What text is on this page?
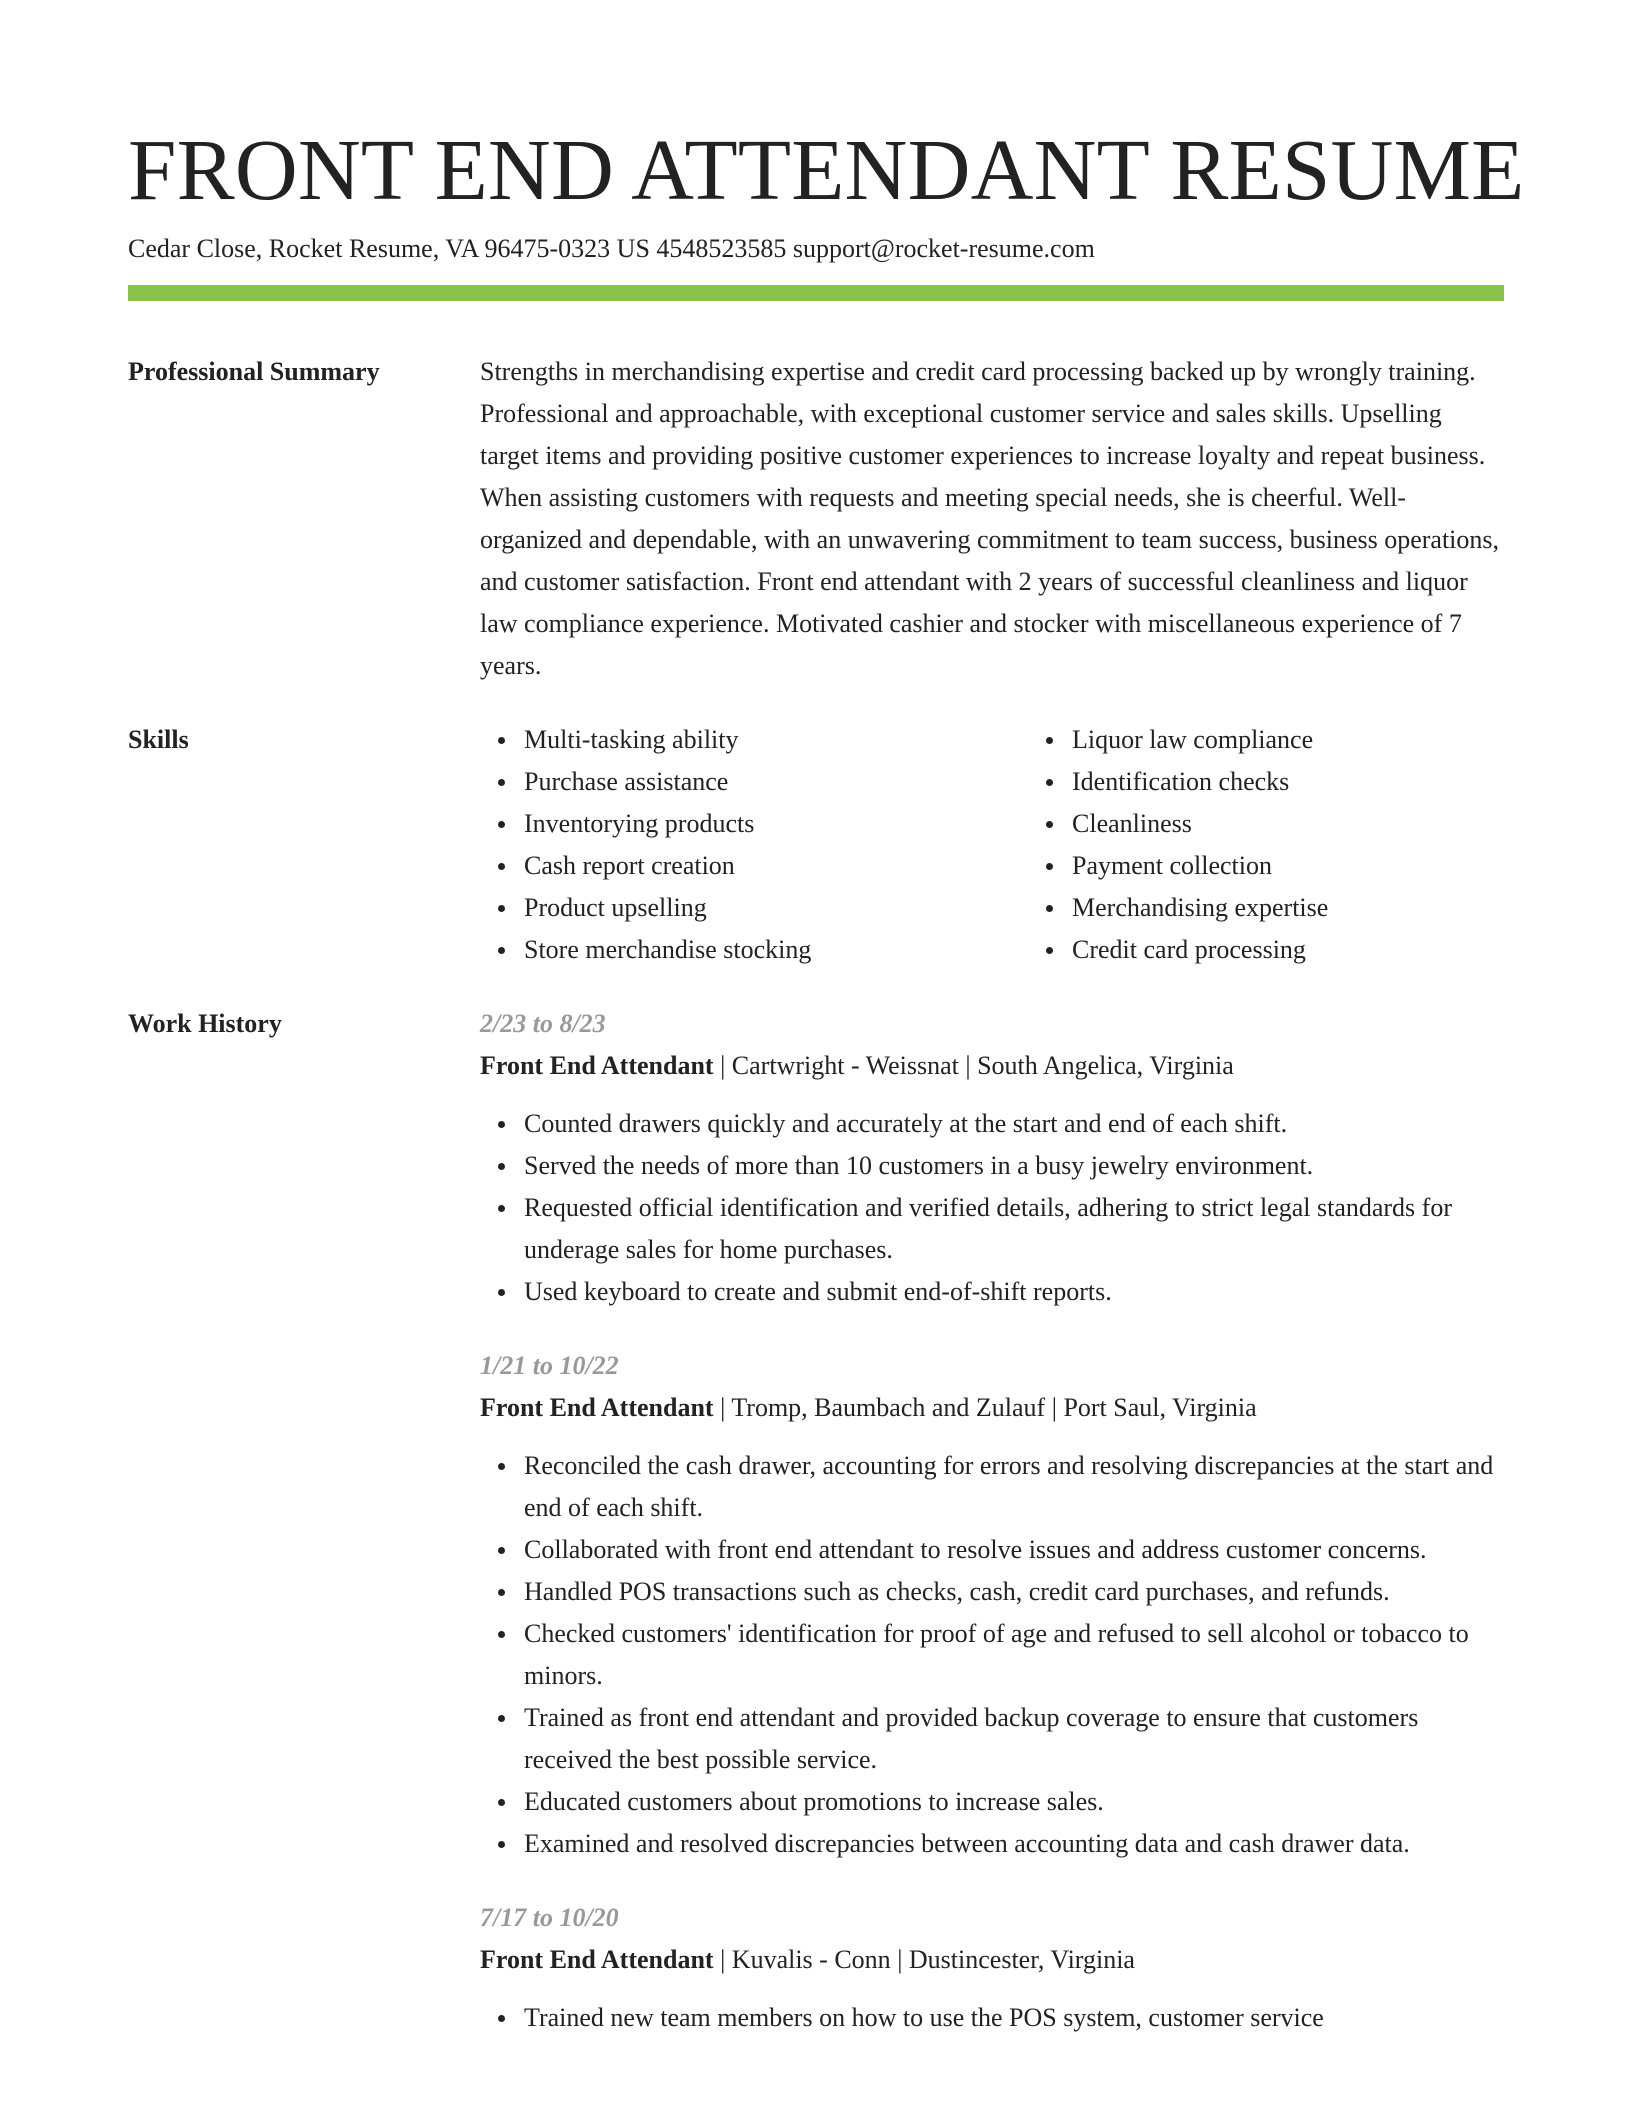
FRONT END ATTENDANT RESUME
Cedar Close, Rocket Resume, VA 96475-0323 US 4548523585 support@rocket-resume.com
Professional Summary	Strengths in merchandising expertise and credit card processing backed up by wrongly training. Professional and approachable, with exceptional customer service and sales skills. Upselling target items and providing positive customer experiences to increase loyalty and repeat business. When assisting customers with requests and meeting special needs, she is cheerful. Well-organized and dependable, with an unwavering commitment to team success, business operations, and customer satisfaction. Front end attendant with 2 years of successful cleanliness and liquor law compliance experience. Motivated cashier and stocker with miscellaneous experience of 7 years.

Skills	Multi-tasking ability
Purchase assistance
Inventorying products
Cash report creation
Product upselling
Store merchandise stocking
Liquor law compliance
Identification checks
Cleanliness
Payment collection
Merchandising expertise
Credit card processing
Work History	2/23 to 8/23
Front End Attendant | Cartwright - Weissnat | South Angelica, Virginia
Counted drawers quickly and accurately at the start and end of each shift.
Served the needs of more than 10 customers in a busy jewelry environment.
Requested official identification and verified details, adhering to strict legal standards for underage sales for home purchases.
Used keyboard to create and submit end-of-shift reports.
1/21 to 10/22
Front End Attendant | Tromp, Baumbach and Zulauf | Port Saul, Virginia
Reconciled the cash drawer, accounting for errors and resolving discrepancies at the start and end of each shift.
Collaborated with front end attendant to resolve issues and address customer concerns.
Handled POS transactions such as checks, cash, credit card purchases, and refunds.
Checked customers' identification for proof of age and refused to sell alcohol or tobacco to minors.
Trained as front end attendant and provided backup coverage to ensure that customers received the best possible service.
Educated customers about promotions to increase sales.
Examined and resolved discrepancies between accounting data and cash drawer data.
7/17 to 10/20
Front End Attendant | Kuvalis - Conn | Dustincester, Virginia
Trained new team members on how to use the POS system, customer service
